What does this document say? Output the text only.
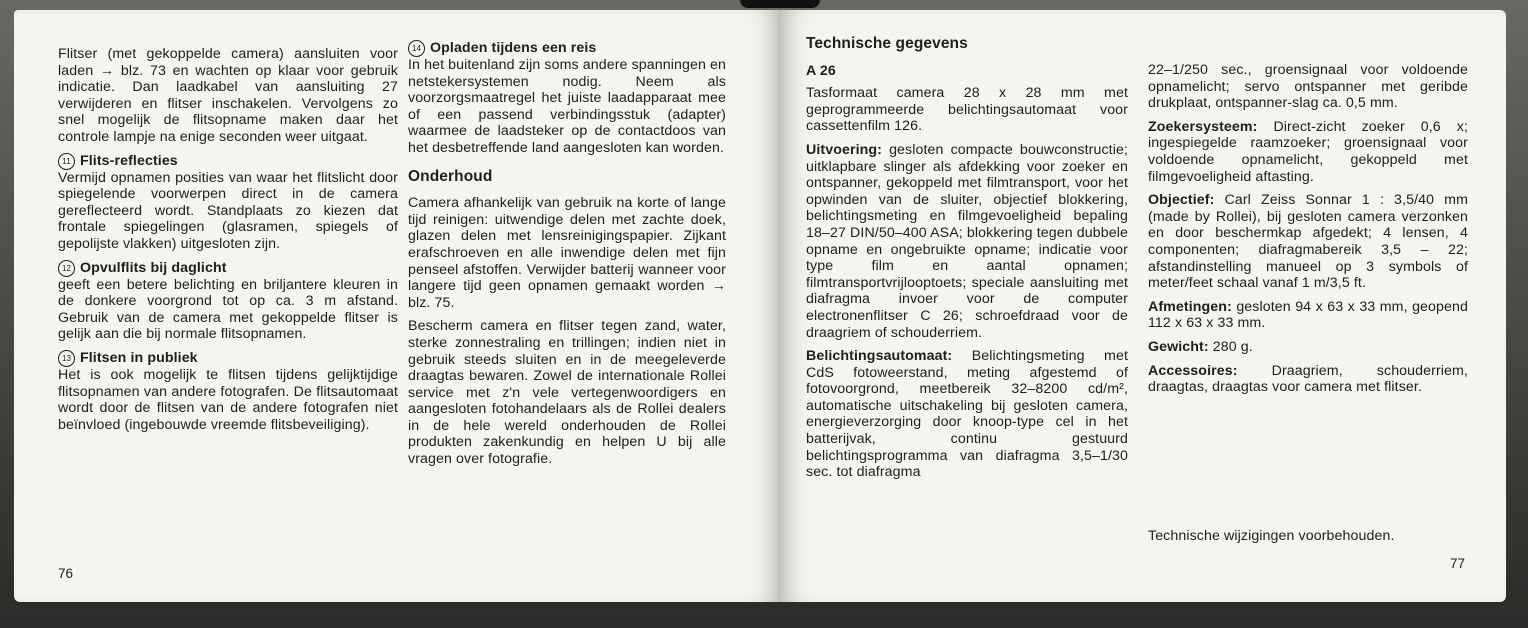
Flitser (met gekoppelde camera) aansluiten voor laden → blz. 73 en wachten op klaar voor gebruik indicatie. Dan laadkabel van aansluiting 27 verwijderen en flitser inschakelen. Vervolgens zo snel mogelijk de flitsopname maken daar het controle lampje na enige seconden weer uitgaat.

11 Flits-reflecties

Vermijd opnamen posities van waar het flitslicht door spiegelende voorwerpen direct in de camera gereflecteerd wordt. Standplaats zo kiezen dat frontale spiegelingen (glasramen, spiegels of gepolijste vlakken) uitgesloten zijn.

12 Opvulflits bij daglicht

geeft een betere belichting en briljantere kleuren in de donkere voorgrond tot op ca. 3 m afstand. Gebruik van de camera met gekoppelde flitser is gelijk aan die bij normale flitsopnamen.

13 Flitsen in publiek

Het is ook mogelijk te flitsen tijdens gelijktijdige flitsopnamen van andere fotografen. De flitsautomaat wordt door de flitsen van de andere fotografen niet beïnvloed (ingebouwde vreemde flitsbeveiliging).

14 Opladen tijdens een reis

In het buitenland zijn soms andere spanningen en netstekersystemen nodig. Neem als voorzorgsmaatregel het juiste laadapparaat mee of een passend verbindingsstuk (adapter) waarmee de laadsteker op de contactdoos van het desbetreffende land aangesloten kan worden.

Onderhoud

Camera afhankelijk van gebruik na korte of lange tijd reinigen: uitwendige delen met zachte doek, glazen delen met lensreinigingspapier. Zijkant erafschroeven en alle inwendige delen met fijn penseel afstoffen. Verwijder batterij wanneer voor langere tijd geen opnamen gemaakt worden → blz. 75.

Bescherm camera en flitser tegen zand, water, sterke zonnestraling en trillingen; indien niet in gebruik steeds sluiten en in de meegeleverde draagtas bewaren. Zowel de internationale Rollei service met z'n vele vertegenwoordigers en aangesloten fotohandelaars als de Rollei dealers in de hele wereld onderhouden de Rollei produkten zakenkundig en helpen U bij alle vragen over fotografie.

76
Technische gegevens
A 26

Tasformaat camera 28 x 28 mm met geprogrammeerde belichtingsautomaat voor cassettenfilm 126.

Uitvoering: gesloten compacte bouwconstructie; uitklapbare slinger als afdekking voor zoeker en ontspanner, gekoppeld met filmtransport, voor het opwinden van de sluiter, objectief blokkering, belichtingsmeting en filmgevoeligheid bepaling 18–27 DIN/50–400 ASA; blokkering tegen dubbele opname en ongebruikte opname; indicatie voor type film en aantal opnamen; filmtransportvrijlooptoets; speciale aansluiting met diafragma invoer voor de computer electronenflitser C 26; schroefdraad voor de draagriem of schouderriem.

Belichtingsautomaat: Belichtingsmeting met CdS fotoweerstand, meting afgestemd of fotovoorgrond, meetbereik 32–8200 cd/m², automatische uitschakeling bij gesloten camera, energieverzorging door knoop-type cel in het batterijvak, continu gestuurd belichtingsprogramma van diafragma 3,5–1/30 sec. tot diafragma

22–1/250 sec., groensignaal voor voldoende opnamelicht; servo ontspanner met geribde drukplaat, ontspanner-slag ca. 0,5 mm.

Zoekersysteem: Direct-zicht zoeker 0,6 x; ingespiegelde raamzoeker; groensignaal voor voldoende opnamelicht, gekoppeld met filmgevoeligheid aftasting.

Objectief: Carl Zeiss Sonnar 1 : 3,5/40 mm (made by Rollei), bij gesloten camera verzonken en door beschermkap afgedekt; 4 lensen, 4 componenten; diafragmabereik 3,5 – 22; afstandinstelling manueel op 3 symbols of meter/feet schaal vanaf 1 m/3,5 ft.

Afmetingen: gesloten 94 x 63 x 33 mm, geopend 112 x 63 x 33 mm.

Gewicht: 280 g.

Accessoires: Draagriem, schouderriem, draagtas, draagtas voor camera met flitser.

Technische wijzigingen voorbehouden.
77
